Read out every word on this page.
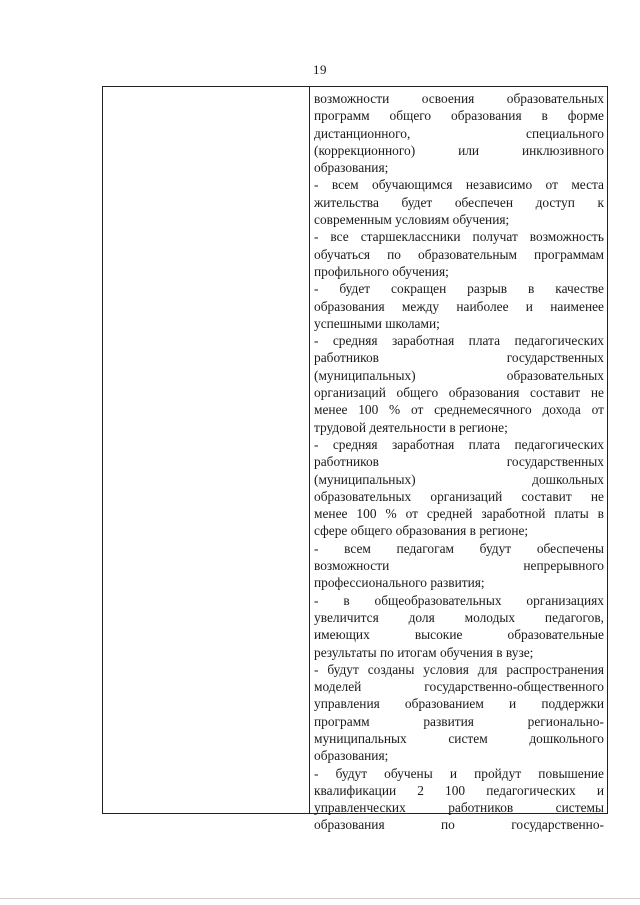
19
возможности освоения образовательных
программ общего образования в форме
дистанционного, специального
(коррекционного) или инклюзивного
образования;
- всем обучающимся независимо от места
жительства будет обеспечен доступ к
современным условиям обучения;
- все старшеклассники получат возможность
обучаться по образовательным программам
профильного обучения;
- будет сокращен разрыв в качестве
образования между наиболее и наименее
успешными школами;
- средняя заработная плата педагогических
работников государственных
(муниципальных) образовательных
организаций общего образования составит не
менее 100 % от среднемесячного дохода от
трудовой деятельности в регионе;
- средняя заработная плата педагогических
работников государственных
(муниципальных) дошкольных
образовательных организаций составит не
менее 100 % от средней заработной платы в
сфере общего образования в регионе;
- всем педагогам будут обеспечены
возможности непрерывного
профессионального развития;
- в общеобразовательных организациях
увеличится доля молодых педагогов,
имеющих высокие образовательные
результаты по итогам обучения в вузе;
- будут созданы условия для распространения
моделей государственно-общественного
управления образованием и поддержки
программ развития регионально-
муниципальных систем дошкольного
образования;
- будут обучены и пройдут повышение
квалификации 2 100 педагогических и
управленческих работников системы
образования по государственно-
